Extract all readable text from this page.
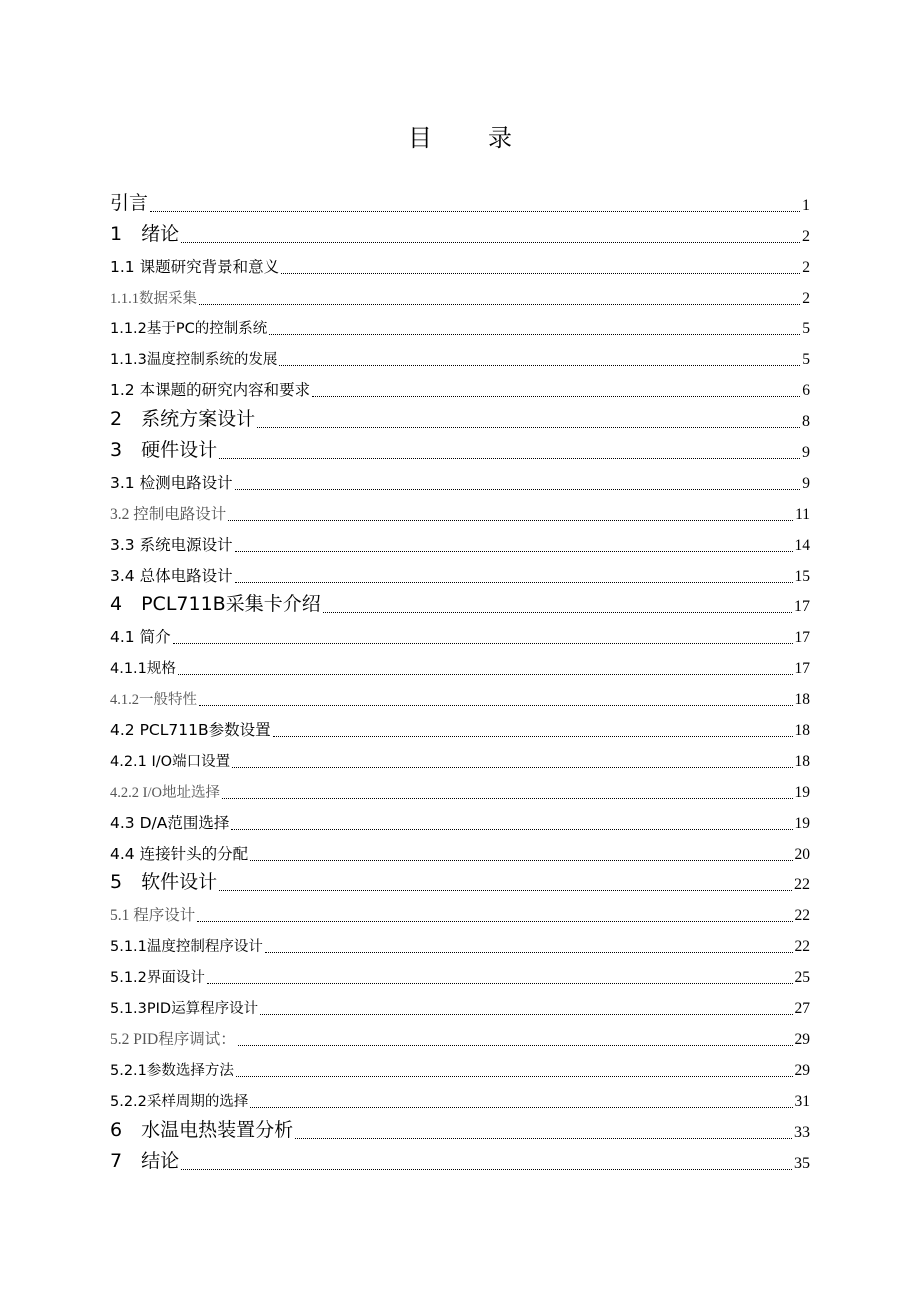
目 录
引言	1
1　绪论	2
1.1 课题研究背景和意义	2
1.1.1数据采集	2
1.1.2基于PC的控制系统	5
1.1.3温度控制系统的发展	5
1.2 本课题的研究内容和要求	6
2　系统方案设计	8
3　硬件设计	9
3.1 检测电路设计	9
3.2 控制电路设计	11
3.3 系统电源设计	14
3.4 总体电路设计	15
4　PCL711B采集卡介绍	17
4.1 简介	17
4.1.1规格	17
4.1.2一般特性	18
4.2 PCL711B参数设置	18
4.2.1 I/O端口设置	18
4.2.2 I/O地址选择	19
4.3 D/A范围选择	19
4.4 连接针头的分配	20
5　软件设计	22
5.1 程序设计	22
5.1.1温度控制程序设计	22
5.1.2界面设计	25
5.1.3PID运算程序设计	27
5.2 PID程序调试：	29
5.2.1参数选择方法	29
5.2.2采样周期的选择	31
6　水温电热装置分析	33
7　结论	35
